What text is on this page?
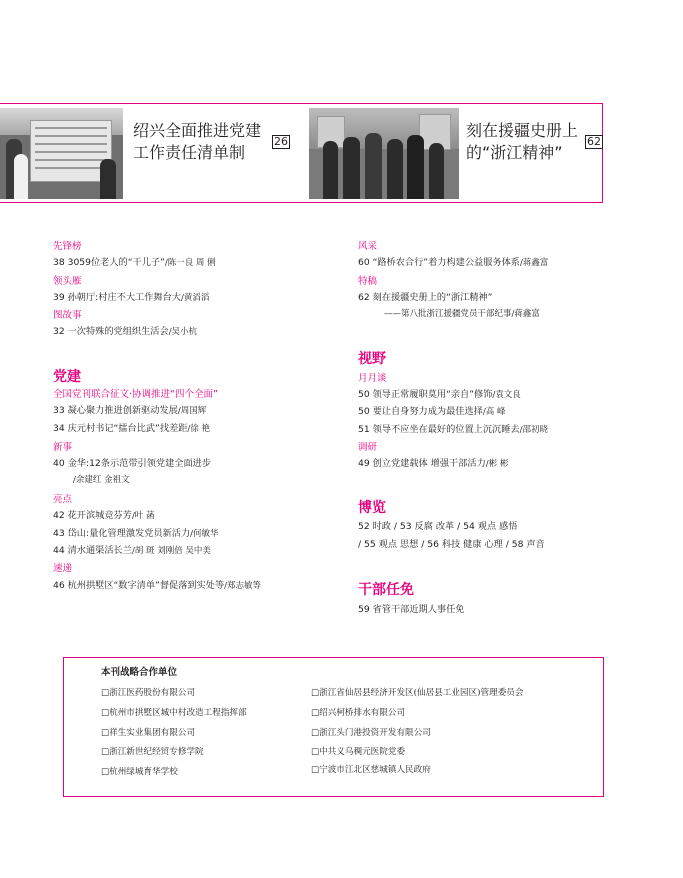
绍兴全面推进党建
工作责任清单制
26
刻在援疆史册上
的“浙江精神”
62
先锋榜
38 3059位老人的“干儿子”/陈一良 周 俐
领头雁
39 孙朝厅:村庄不大工作舞台大/黄滔滔
图故事
32 一次特殊的党组织生活会/吴小杭
党建
全国党刊联合征文·协调推进“四个全面”
33 凝心聚力推进创新驱动发展/周国辉
34 庆元村书记“擂台比武”找差距/徐 艳
新事
40 金华:12条示范带引领党建全面进步
/余建红 金祖文
亮点
42 花开滨城竞芬芳/叶 菡
43 岱山:量化管理激发党员新活力/何敏华
44 清水通渠活长兰/胡 斑 刘刚倍 吴中美
速递
46 杭州拱墅区“数字清单”督促落到实处等/郑志敏等
风采
60 “路桥农合行”着力构建公益服务体系/蒋鑫富
特稿
62 刻在援疆史册上的“浙江精神”
——第八批浙江援疆党员干部纪事/蒋鑫富
视野
月月谈
50 领导正常履职莫用“亲自”修饰/袁文良
50 要让自身努力成为最佳选择/高 峰
51 领导不应坐在最好的位置上沉沉睡去/邵初晓
调研
49 创立党建载体 增强干部活力/彬 彬
博览
52 时政 / 53 反腐 改革 / 54 观点 感悟
/ 55 观点 思想 / 56 科技 健康 心理 / 58 声音
干部任免
59 省管干部近期人事任免
本刊战略合作单位
□浙江医药股份有限公司
□杭州市拱墅区城中村改造工程指挥部
□祥生实业集团有限公司
□浙江新世纪经贸专修学院
□杭州绿城育华学校
□浙江省仙居县经济开发区(仙居县工业园区)管理委员会
□绍兴柯桥排水有限公司
□浙江头门港投资开发有限公司
□中共义乌稠元医院党委
□宁波市江北区慈城镇人民政府
